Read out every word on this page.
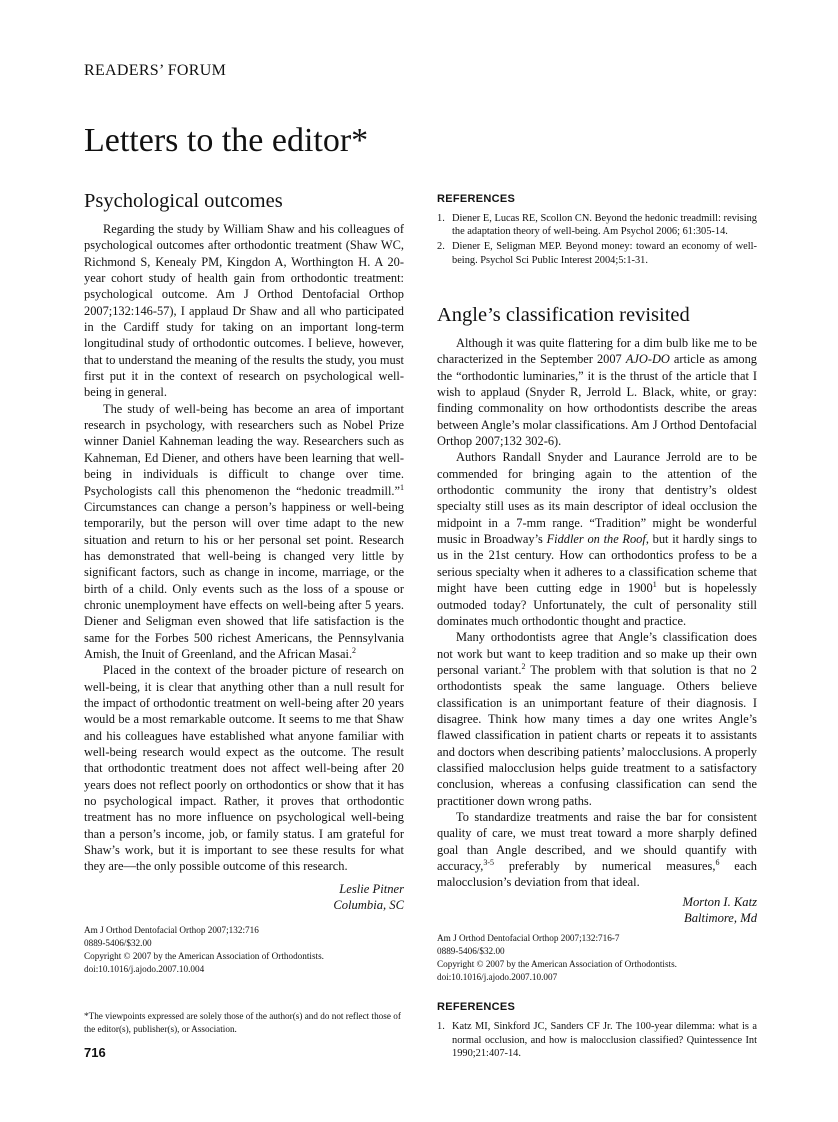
READERS’ FORUM
Letters to the editor*
Psychological outcomes

Regarding the study by William Shaw and his colleagues of psychological outcomes after orthodontic treatment (Shaw WC, Richmond S, Kenealy PM, Kingdon A, Worthington H. A 20-year cohort study of health gain from orthodontic treatment: psychological outcome. Am J Orthod Dentofacial Orthop 2007;132:146-57), I applaud Dr Shaw and all who participated in the Cardiff study for taking on an important long-term longitudinal study of orthodontic outcomes. I believe, however, that to understand the meaning of the results the study, you must first put it in the context of research on psychological well-being in general.

The study of well-being has become an area of important research in psychology, with researchers such as Nobel Prize winner Daniel Kahneman leading the way. Researchers such as Kahneman, Ed Diener, and others have been learning that well-being in individuals is difficult to change over time. Psychologists call this phenomenon the “hedonic treadmill.”$^1$ Circumstances can change a person’s happiness or well-being temporarily, but the person will over time adapt to the new situation and return to his or her personal set point. Research has demonstrated that well-being is changed very little by significant factors, such as change in income, marriage, or the birth of a child. Only events such as the loss of a spouse or chronic unemployment have effects on well-being after 5 years. Diener and Seligman even showed that life satisfaction is the same for the Forbes 500 richest Americans, the Pennsylvania Amish, the Inuit of Greenland, and the African Masai.$^2$

Placed in the context of the broader picture of research on well-being, it is clear that anything other than a null result for the impact of orthodontic treatment on well-being after 20 years would be a most remarkable outcome. It seems to me that Shaw and his colleagues have established what anyone familiar with well-being research would expect as the outcome. The result that orthodontic treatment does not affect well-being after 20 years does not reflect poorly on orthodontics or show that it has no psychological impact. Rather, it proves that orthodontic treatment has no more influence on psychological well-being than a person’s income, job, or family status. I am grateful for Shaw’s work, but it is important to see these results for what they are—the only possible outcome of this research.

Leslie Pitner
Columbia, SC
Am J Orthod Dentofacial Orthop 2007;132:716
0889-5406/$32.00
Copyright © 2007 by the American Association of Orthodontists.
doi:10.1016/j.ajodo.2007.10.004
*The viewpoints expressed are solely those of the author(s) and do not reflect those of the editor(s), publisher(s), or Association.
716
REFERENCES
1. Diener E, Lucas RE, Scollon CN. Beyond the hedonic treadmill: revising the adaptation theory of well-being. Am Psychol 2006; 61:305-14.
2. Diener E, Seligman MEP. Beyond money: toward an economy of well-being. Psychol Sci Public Interest 2004;5:1-31.
Angle’s classification revisited

Although it was quite flattering for a dim bulb like me to be characterized in the September 2007 AJO-DO article as among the “orthodontic luminaries,” it is the thrust of the article that I wish to applaud (Snyder R, Jerrold L. Black, white, or gray: finding commonality on how orthodontists describe the areas between Angle’s molar classifications. Am J Orthod Dentofacial Orthop 2007;132 302-6).

Authors Randall Snyder and Laurance Jerrold are to be commended for bringing again to the attention of the orthodontic community the irony that dentistry’s oldest specialty still uses as its main descriptor of ideal occlusion the midpoint in a 7-mm range. “Tradition” might be wonderful music in Broadway’s Fiddler on the Roof, but it hardly sings to us in the 21st century. How can orthodontics profess to be a serious specialty when it adheres to a classification scheme that might have been cutting edge in 1900$^1$ but is hopelessly outmoded today? Unfortunately, the cult of personality still dominates much orthodontic thought and practice.

Many orthodontists agree that Angle’s classification does not work but want to keep tradition and so make up their own personal variant.$^2$ The problem with that solution is that no 2 orthodontists speak the same language. Others believe classification is an unimportant feature of their diagnosis. I disagree. Think how many times a day one writes Angle’s flawed classification in patient charts or repeats it to assistants and doctors when describing patients’ malocclusions. A properly classified malocclusion helps guide treatment to a satisfactory conclusion, whereas a confusing classification can send the practitioner down wrong paths.

To standardize treatments and raise the bar for consistent quality of care, we must treat toward a more sharply defined goal than Angle described, and we should quantify with accuracy,$^{3-5}$ preferably by numerical measures,$^6$ each malocclusion’s deviation from that ideal.

Morton I. Katz
Baltimore, Md
Am J Orthod Dentofacial Orthop 2007;132:716-7
0889-5406/$32.00
Copyright © 2007 by the American Association of Orthodontists.
doi:10.1016/j.ajodo.2007.10.007
REFERENCES
1. Katz MI, Sinkford JC, Sanders CF Jr. The 100-year dilemma: what is a normal occlusion, and how is malocclusion classified? Quintessence Int 1990;21:407-14.
